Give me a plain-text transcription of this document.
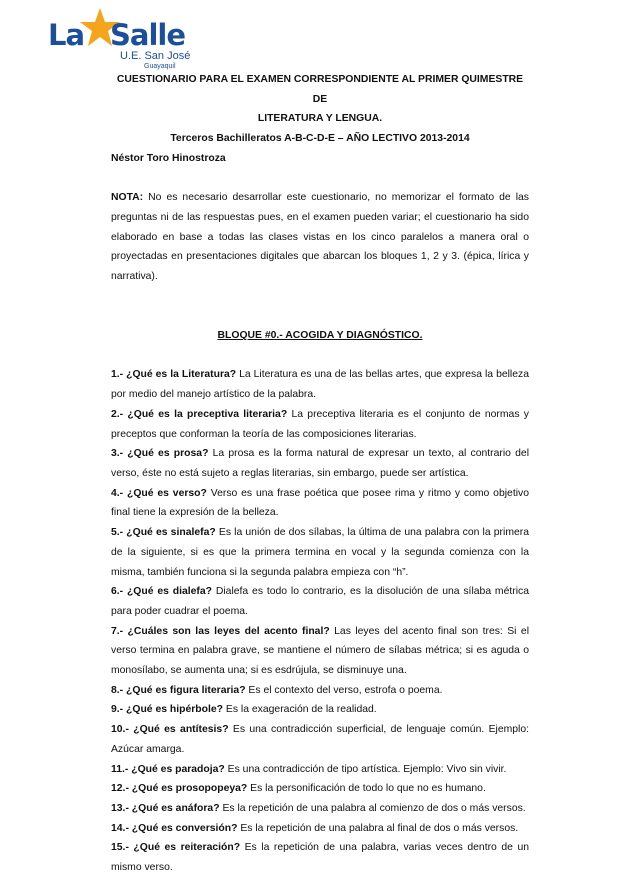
La Salle
U.E. San José
Guayaquil
CUESTIONARIO PARA EL EXAMEN CORRESPONDIENTE AL PRIMER QUIMESTRE DE
LITERATURA Y LENGUA.
Terceros Bachilleratos A-B-C-D-E – AÑO LECTIVO 2013-2014
Néstor Toro Hinostroza
NOTA: No es necesario desarrollar este cuestionario, no memorizar el formato de las preguntas ni de las respuestas pues, en el examen pueden variar; el cuestionario ha sido elaborado en base a todas las clases vistas en los cinco paralelos a manera oral o proyectadas en presentaciones digitales que abarcan los bloques 1, 2 y 3. (épica, lírica y narrativa).
BLOQUE #0.- ACOGIDA Y DIAGNÓSTICO.
1.- ¿Qué es la Literatura? La Literatura es una de las bellas artes, que expresa la belleza por medio del manejo artístico de la palabra.
2.- ¿Qué es la preceptiva literaria? La preceptiva literaria es el conjunto de normas y preceptos que conforman la teoría de las composiciones literarias.
3.- ¿Qué es prosa? La prosa es la forma natural de expresar un texto, al contrario del verso, éste no está sujeto a reglas literarias, sin embargo, puede ser artística.
4.- ¿Qué es verso? Verso es una frase poética que posee rima y ritmo y como objetivo final tiene la expresión de la belleza.
5.- ¿Qué es sinalefa? Es la unión de dos sílabas, la última de una palabra con la primera de la siguiente, si es que la primera termina en vocal y la segunda comienza con la misma, también funciona si la segunda palabra empieza con “h”.
6.- ¿Qué es dialefa? Dialefa es todo lo contrario, es la disolución de una sílaba métrica para poder cuadrar el poema.
7.- ¿Cuáles son las leyes del acento final? Las leyes del acento final son tres: Si el verso termina en palabra grave, se mantiene el número de sílabas métrica; si es aguda o monosílabo, se aumenta una; si es esdrújula, se disminuye una.
8.- ¿Qué es figura literaria? Es el contexto del verso, estrofa o poema.
9.- ¿Qué es hipérbole? Es la exageración de la realidad.
10.- ¿Qué es antítesis? Es una contradicción superficial, de lenguaje común. Ejemplo: Azúcar amarga.
11.- ¿Qué es paradoja? Es una contradicción de tipo artística. Ejemplo: Vivo sin vivir.
12.- ¿Qué es prosopopeya? Es la personificación de todo lo que no es humano.
13.- ¿Qué es anáfora? Es la repetición de una palabra al comienzo de dos o más versos.
14.- ¿Qué es conversión? Es la repetición de una palabra al final de dos o más versos.
15.- ¿Qué es reiteración? Es la repetición de una palabra, varias veces dentro de un mismo verso.
